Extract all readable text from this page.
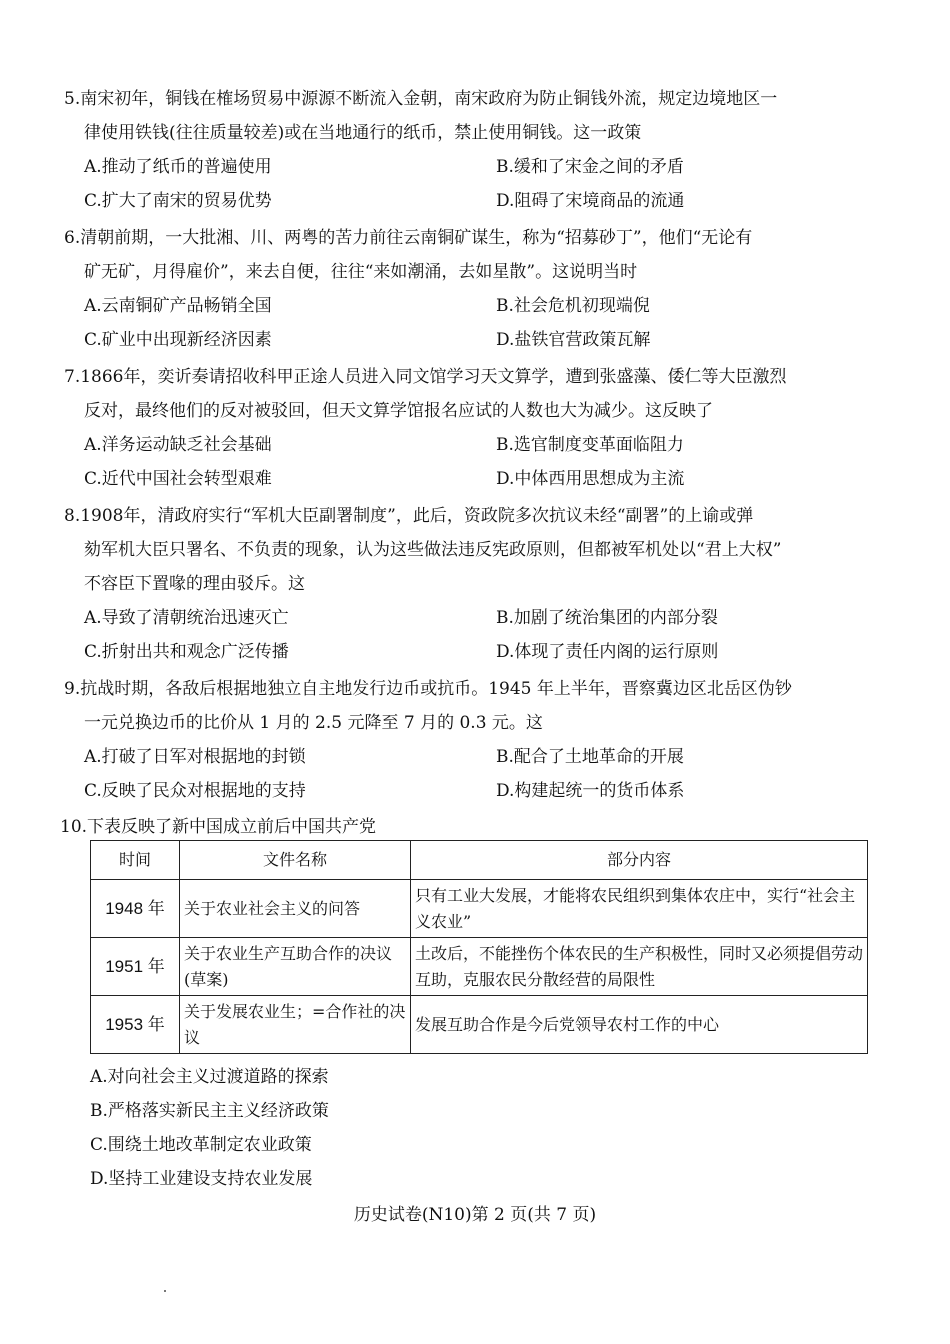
5.南宋初年，铜钱在榷场贸易中源源不断流入金朝，南宋政府为防止铜钱外流，规定边境地区一
律使用铁钱(往往质量较差)或在当地通行的纸币，禁止使用铜钱。这一政策
A.推动了纸币的普遍使用	B.缓和了宋金之间的矛盾
C.扩大了南宋的贸易优势	D.阻碍了宋境商品的流通
6.清朝前期，一大批湘、川、两粤的苦力前往云南铜矿谋生，称为“招募砂丁”，他们“无论有
矿无矿，月得雇价”，来去自便，往往“来如潮涌，去如星散”。这说明当时
A.云南铜矿产品畅销全国	B.社会危机初现端倪
C.矿业中出现新经济因素	D.盐铁官营政策瓦解
7.1866年，奕䜣奏请招收科甲正途人员进入同文馆学习天文算学，遭到张盛藻、倭仁等大臣激烈
反对，最终他们的反对被驳回，但天文算学馆报名应试的人数也大为减少。这反映了
A.洋务运动缺乏社会基础	B.选官制度变革面临阻力
C.近代中国社会转型艰难	D.中体西用思想成为主流
8.1908年，清政府实行“军机大臣副署制度”，此后，资政院多次抗议未经“副署”的上谕或弹
劾军机大臣只署名、不负责的现象，认为这些做法违反宪政原则，但都被军机处以“君上大权”
不容臣下置喙的理由驳斥。这
A.导致了清朝统治迅速灭亡	B.加剧了统治集团的内部分裂
C.折射出共和观念广泛传播	D.体现了责任内阁的运行原则
9.抗战时期，各敌后根据地独立自主地发行边币或抗币。1945 年上半年，晋察冀边区北岳区伪钞
一元兑换边币的比价从 1 月的 2.5 元降至 7 月的 0.3 元。这
A.打破了日军对根据地的封锁	B.配合了土地革命的开展
C.反映了民众对根据地的支持	D.构建起统一的货币体系
10.下表反映了新中国成立前后中国共产党
时间	文件名称	部分内容
1948 年	关于农业社会主义的问答	只有工业大发展，才能将农民组织到集体农庄中，实行“社会主义农业”
1951 年	关于农业生产互助合作的决议(草案)	土改后，不能挫伤个体农民的生产积极性，同时又必须提倡劳动互助，克服农民分散经营的局限性
1953 年	关于发展农业生；=合作社的决议	发展互助合作是今后党领导农村工作的中心
A.对向社会主义过渡道路的探索
B.严格落实新民主主义经济政策
C.围绕土地改革制定农业政策
D.坚持工业建设支持农业发展
历史试卷(N10)第 2 页(共 7 页)
